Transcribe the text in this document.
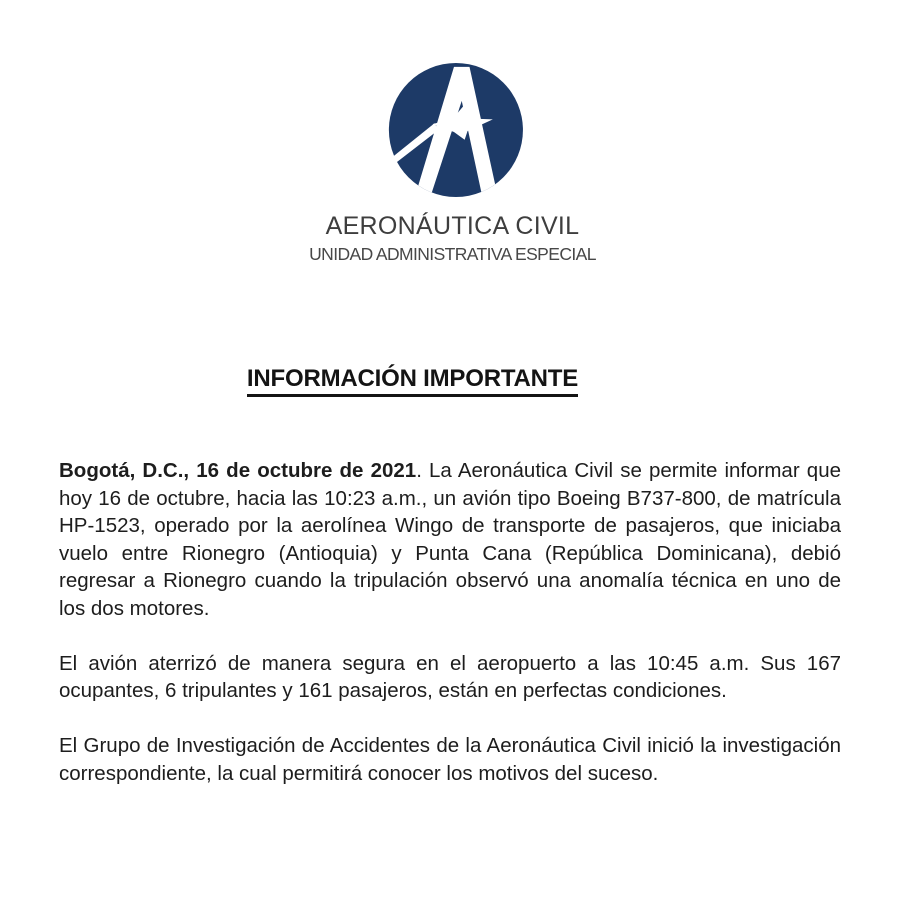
AERONÁUTICA CIVIL
UNIDAD ADMINISTRATIVA ESPECIAL
INFORMACIÓN IMPORTANTE

Bogotá, D.C., 16 de octubre de 2021. La Aeronáutica Civil se permite informar que hoy 16 de octubre, hacia las 10:23 a.m., un avión tipo Boeing B737-800, de matrícula HP-1523, operado por la aerolínea Wingo de transporte de pasajeros, que iniciaba vuelo entre Rionegro (Antioquia) y Punta Cana (República Dominicana), debió regresar a Rionegro cuando la tripulación observó una anomalía técnica en uno de los dos motores.

El avión aterrizó de manera segura en el aeropuerto a las 10:45 a.m. Sus 167 ocupantes, 6 tripulantes y 161 pasajeros, están en perfectas condiciones.

El Grupo de Investigación de Accidentes de la Aeronáutica Civil inició la investigación correspondiente, la cual permitirá conocer los motivos del suceso.
